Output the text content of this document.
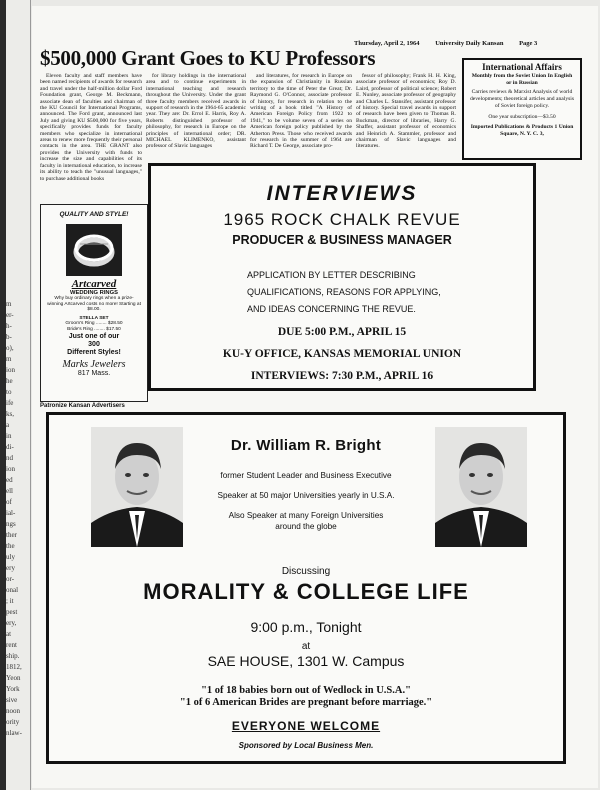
m
er-
h-
b-
o),
m
ion
he
to
ife
ks,
a
in
di-
nd
ion
ed
ell
of
ial-
ngs
ther
the
uly
ery
or-
onal
; it
pest
ery,
at
rent
ship.
1812,
Yeon
York
sive
noon
ority
nlaw-
Thursday, April 2, 1964 University Daily Kansan Page 3
$500,000 Grant Goes to KU Professors

Eleven faculty and staff members have been named recipients of awards for research and travel under the half-million dollar Ford Foundation grant, George M. Beckmann, associate dean of faculties and chairman of the KU Council for International Programs, announced. The Ford grant, announced last July and giving KU $500,000 for five years, specifically provides funds for faculty members who specialize in international areas to renew more frequently their personal contacts in the area. THE GRANT also provides the University with funds to increase the size and capabilities of its faculty in international education, to increase its ability to teach the "unusual languages," to purchase additional books

for library holdings in the international area and to continue experiments in international teaching and research throughout the University. Under the grant three faculty members received awards in support of research in the 1964-65 academic year. They are: Dr. Errol E. Harris, Roy A. Roberts distinguished professor of philosophy, for research in Europe on the principles of international order; DR. MICHAEL KLIMENKO, assistant professor of Slavic languages

and literatures, for research in Europe on the expansion of Christianity in Russian territory to the time of Peter the Great; Dr. Raymond G. O'Connor, associate professor of history, for research in relation to the writing of a book titled "A History of American Foreign Policy from 1922 to 1941," to be volume seven of a series on American foreign policy published by the Atherton Press. Those who received awards for research in the summer of 1964 are Richard T. De George, associate pro-

fessor of philosophy; Frank H. H. King, associate professor of economics; Roy D. Laird, professor of political science; Robert E. Nunley, associate professor of geography and Charles L. Stansifer, assistant professor of history. Special travel awards in support of research have been given to Thomas R. Buckman, director of libraries, Harry G. Shaffer, assistant professor of economics and Heinrich A. Stammler, professor and chairman of Slavic languages and literatures.

International Affairs
Monthly from the Soviet Union In English or in Russian
Carries reviews & Marxist Analysis of world developments; theoretical articles and analysis of Soviet foreign policy.
One year subscription—$3.50
Imported Publications & Products 1 Union Square, N. Y. C. 3,
QUALITY AND STYLE!
Artcarved
WEDDING RINGS
Why buy ordinary rings when a prize-winning Artcarved costs no more! Starting at $8.00.
STELLA SET
Groom's Ring ........ $28.50
Bride's Ring ........ $17.50
Just one of our
300
Different Styles!
Marks Jewelers
817 Mass.
Patronize Kansan Advertisers
INTERVIEWS
1965 ROCK CHALK REVUE
PRODUCER & BUSINESS MANAGER
APPLICATION BY LETTER DESCRIBING
QUALIFICATIONS, REASONS FOR APPLYING,
AND IDEAS CONCERNING THE REVUE.
DUE 5:00 P.M., APRIL 15
KU-Y OFFICE, KANSAS MEMORIAL UNION
INTERVIEWS: 7:30 P.M., APRIL 16
Dr. William R. Bright
former Student Leader and Business Executive
Speaker at 50 major Universities yearly in U.S.A.
Also Speaker at many Foreign Universities
around the globe
Discussing
MORALITY & COLLEGE LIFE
9:00 p.m., Tonight
at
SAE HOUSE, 1301 W. Campus
"1 of 18 babies born out of Wedlock in U.S.A."
"1 of 6 American Brides are pregnant before marriage."
EVERYONE WELCOME
Sponsored by Local Business Men.
